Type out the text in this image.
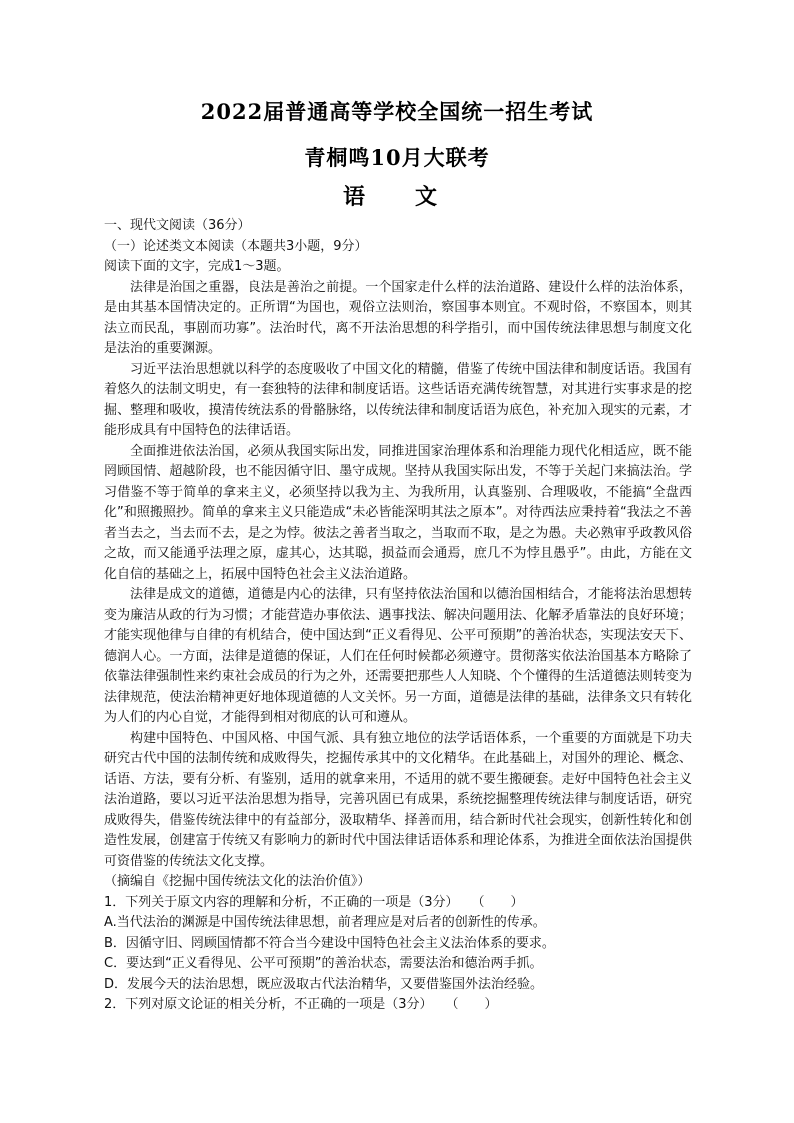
2022届普通高等学校全国统一招生考试
青桐鸣10月大联考
语　文
一、现代文阅读（36分）
（一）论述类文本阅读（本题共3小题，9分）
阅读下面的文字，完成1～3题。

法律是治国之重器，良法是善治之前提。一个国家走什么样的法治道路、建设什么样的法治体系，是由其基本国情决定的。正所谓“为国也，观俗立法则治，察国事本则宜。不观时俗，不察国本，则其法立而民乱，事剧而功寡”。法治时代，离不开法治思想的科学指引，而中国传统法律思想与制度文化是法治的重要渊源。

习近平法治思想就以科学的态度吸收了中国文化的精髓，借鉴了传统中国法律和制度话语。我国有着悠久的法制文明史，有一套独特的法律和制度话语。这些话语充满传统智慧，对其进行实事求是的挖掘、整理和吸收，摸清传统法系的骨骼脉络，以传统法律和制度话语为底色，补充加入现实的元素，才能形成具有中国特色的法律话语。

全面推进依法治国，必须从我国实际出发，同推进国家治理体系和治理能力现代化相适应，既不能罔顾国情、超越阶段，也不能因循守旧、墨守成规。坚持从我国实际出发，不等于关起门来搞法治。学习借鉴不等于简单的拿来主义，必须坚持以我为主、为我所用，认真鉴别、合理吸收，不能搞“全盘西化”和照搬照抄。简单的拿来主义只能造成“未必皆能深明其法之原本”。对待西法应秉持着“我法之不善者当去之，当去而不去，是之为悖。彼法之善者当取之，当取而不取，是之为愚。夫必熟审乎政教风俗之故，而又能通乎法理之原，虚其心，达其聪，损益而会通焉，庶几不为悖且愚乎”。由此，方能在文化自信的基础之上，拓展中国特色社会主义法治道路。

法律是成文的道德，道德是内心的法律，只有坚持依法治国和以德治国相结合，才能将法治思想转变为廉洁从政的行为习惯；才能营造办事依法、遇事找法、解决问题用法、化解矛盾靠法的良好环境；才能实现他律与自律的有机结合，使中国达到“正义看得见、公平可预期”的善治状态，实现法安天下、德润人心。一方面，法律是道德的保证，人们在任何时候都必须遵守。贯彻落实依法治国基本方略除了依靠法律强制性来约束社会成员的行为之外，还需要把那些人人知晓、个个懂得的生活道德法则转变为法律规范，使法治精神更好地体现道德的人文关怀。另一方面，道德是法律的基础，法律条文只有转化为人们的内心自觉，才能得到相对彻底的认可和遵从。

构建中国特色、中国风格、中国气派、具有独立地位的法学话语体系，一个重要的方面就是下功夫研究古代中国的法制传统和成败得失，挖掘传承其中的文化精华。在此基础上，对国外的理论、概念、话语、方法，要有分析、有鉴别，适用的就拿来用，不适用的就不要生搬硬套。走好中国特色社会主义法治道路，要以习近平法治思想为指导，完善巩固已有成果，系统挖掘整理传统法律与制度话语，研究成败得失，借鉴传统法律中的有益部分，汲取精华、择善而用，结合新时代社会现实，创新性转化和创造性发展，创建富于传统又有影响力的新时代中国法律话语体系和理论体系，为推进全面依法治国提供可资借鉴的传统法文化支撑。

（摘编自《挖掘中国传统法文化的法治价值》）
1．下列关于原文内容的理解和分析，不正确的一项是（3分）　　（　　）
A.当代法治的渊源是中国传统法律思想，前者理应是对后者的创新性的传承。
B．因循守旧、罔顾国情都不符合当今建设中国特色社会主义法治体系的要求。
C．要达到“正义看得见、公平可预期”的善治状态，需要法治和德治两手抓。
D．发展今天的法治思想，既应汲取古代法治精华，又要借鉴国外法治经验。
2．下列对原文论证的相关分析，不正确的一项是（3分）　　（　　）
